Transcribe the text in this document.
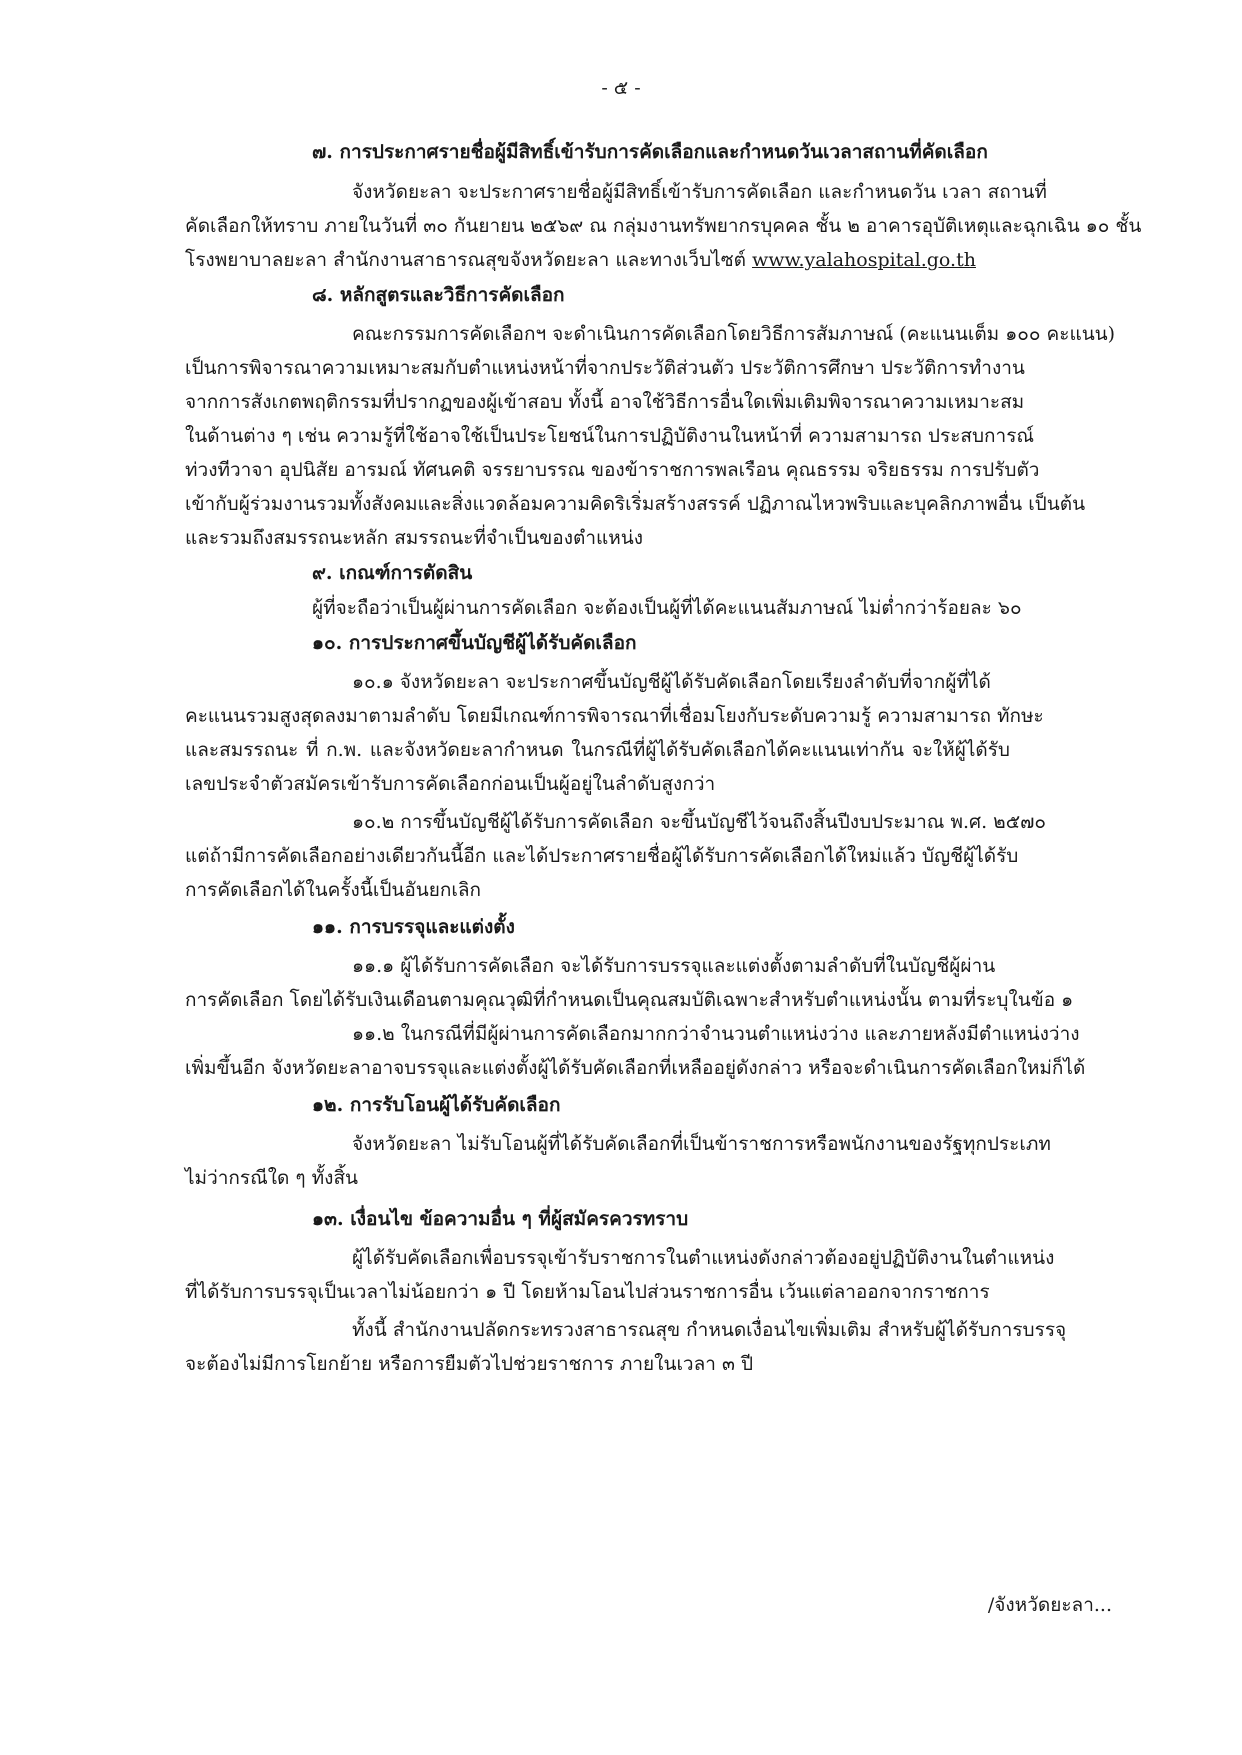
- ๕ -
๗. การประกาศรายชื่อผู้มีสิทธิ์เข้ารับการคัดเลือกและกำหนดวันเวลาสถานที่คัดเลือก
จังหวัดยะลา จะประกาศรายชื่อผู้มีสิทธิ์เข้ารับการคัดเลือก และกำหนดวัน เวลา สถานที่
คัดเลือกให้ทราบ ภายในวันที่ ๓๐ กันยายน ๒๕๖๙ ณ กลุ่มงานทรัพยากรบุคคล ชั้น ๒ อาคารอุบัติเหตุและฉุกเฉิน ๑๐ ชั้น
โรงพยาบาลยะลา สำนักงานสาธารณสุขจังหวัดยะลา และทางเว็บไซต์ www.yalahospital.go.th
๘. หลักสูตรและวิธีการคัดเลือก
คณะกรรมการคัดเลือกฯ จะดำเนินการคัดเลือกโดยวิธีการสัมภาษณ์ (คะแนนเต็ม ๑๐๐ คะแนน)
เป็นการพิจารณาความเหมาะสมกับตำแหน่งหน้าที่จากประวัติส่วนตัว ประวัติการศึกษา ประวัติการทำงาน
จากการสังเกตพฤติกรรมที่ปรากฏของผู้เข้าสอบ ทั้งนี้ อาจใช้วิธีการอื่นใดเพิ่มเติมพิจารณาความเหมาะสม
ในด้านต่าง ๆ เช่น ความรู้ที่ใช้อาจใช้เป็นประโยชน์ในการปฏิบัติงานในหน้าที่ ความสามารถ ประสบการณ์
ท่วงทีวาจา อุปนิสัย อารมณ์ ทัศนคติ จรรยาบรรณ ของข้าราชการพลเรือน คุณธรรม จริยธรรม การปรับตัว
เข้ากับผู้ร่วมงานรวมทั้งสังคมและสิ่งแวดล้อมความคิดริเริ่มสร้างสรรค์ ปฏิภาณไหวพริบและบุคลิกภาพอื่น เป็นต้น
และรวมถึงสมรรถนะหลัก สมรรถนะที่จำเป็นของตำแหน่ง
๙. เกณฑ์การตัดสิน
ผู้ที่จะถือว่าเป็นผู้ผ่านการคัดเลือก จะต้องเป็นผู้ที่ได้คะแนนสัมภาษณ์ ไม่ต่ำกว่าร้อยละ ๖๐
๑๐. การประกาศขึ้นบัญชีผู้ได้รับคัดเลือก
๑๐.๑ จังหวัดยะลา จะประกาศขึ้นบัญชีผู้ได้รับคัดเลือกโดยเรียงลำดับที่จากผู้ที่ได้
คะแนนรวมสูงสุดลงมาตามลำดับ โดยมีเกณฑ์การพิจารณาที่เชื่อมโยงกับระดับความรู้ ความสามารถ ทักษะ
และสมรรถนะ ที่ ก.พ. และจังหวัดยะลากำหนด ในกรณีที่ผู้ได้รับคัดเลือกได้คะแนนเท่ากัน จะให้ผู้ได้รับ
เลขประจำตัวสมัครเข้ารับการคัดเลือกก่อนเป็นผู้อยู่ในลำดับสูงกว่า
๑๐.๒ การขึ้นบัญชีผู้ได้รับการคัดเลือก จะขึ้นบัญชีไว้จนถึงสิ้นปีงบประมาณ พ.ศ. ๒๕๗๐
แต่ถ้ามีการคัดเลือกอย่างเดียวกันนี้อีก และได้ประกาศรายชื่อผู้ได้รับการคัดเลือกได้ใหม่แล้ว บัญชีผู้ได้รับ
การคัดเลือกได้ในครั้งนี้เป็นอันยกเลิก
๑๑. การบรรจุและแต่งตั้ง
๑๑.๑ ผู้ได้รับการคัดเลือก จะได้รับการบรรจุและแต่งตั้งตามลำดับที่ในบัญชีผู้ผ่าน
การคัดเลือก โดยได้รับเงินเดือนตามคุณวุฒิที่กำหนดเป็นคุณสมบัติเฉพาะสำหรับตำแหน่งนั้น ตามที่ระบุในข้อ ๑
๑๑.๒ ในกรณีที่มีผู้ผ่านการคัดเลือกมากกว่าจำนวนตำแหน่งว่าง และภายหลังมีตำแหน่งว่าง
เพิ่มขึ้นอีก จังหวัดยะลาอาจบรรจุและแต่งตั้งผู้ได้รับคัดเลือกที่เหลืออยู่ดังกล่าว หรือจะดำเนินการคัดเลือกใหม่ก็ได้
๑๒. การรับโอนผู้ได้รับคัดเลือก
จังหวัดยะลา ไม่รับโอนผู้ที่ได้รับคัดเลือกที่เป็นข้าราชการหรือพนักงานของรัฐทุกประเภท
ไม่ว่ากรณีใด ๆ ทั้งสิ้น
๑๓. เงื่อนไข ข้อความอื่น ๆ ที่ผู้สมัครควรทราบ
ผู้ได้รับคัดเลือกเพื่อบรรจุเข้ารับราชการในตำแหน่งดังกล่าวต้องอยู่ปฏิบัติงานในตำแหน่ง
ที่ได้รับการบรรจุเป็นเวลาไม่น้อยกว่า ๑ ปี โดยห้ามโอนไปส่วนราชการอื่น เว้นแต่ลาออกจากราชการ
ทั้งนี้ สำนักงานปลัดกระทรวงสาธารณสุข กำหนดเงื่อนไขเพิ่มเติม สำหรับผู้ได้รับการบรรจุ
จะต้องไม่มีการโยกย้าย หรือการยืมตัวไปช่วยราชการ ภายในเวลา ๓ ปี
/จังหวัดยะลา...
